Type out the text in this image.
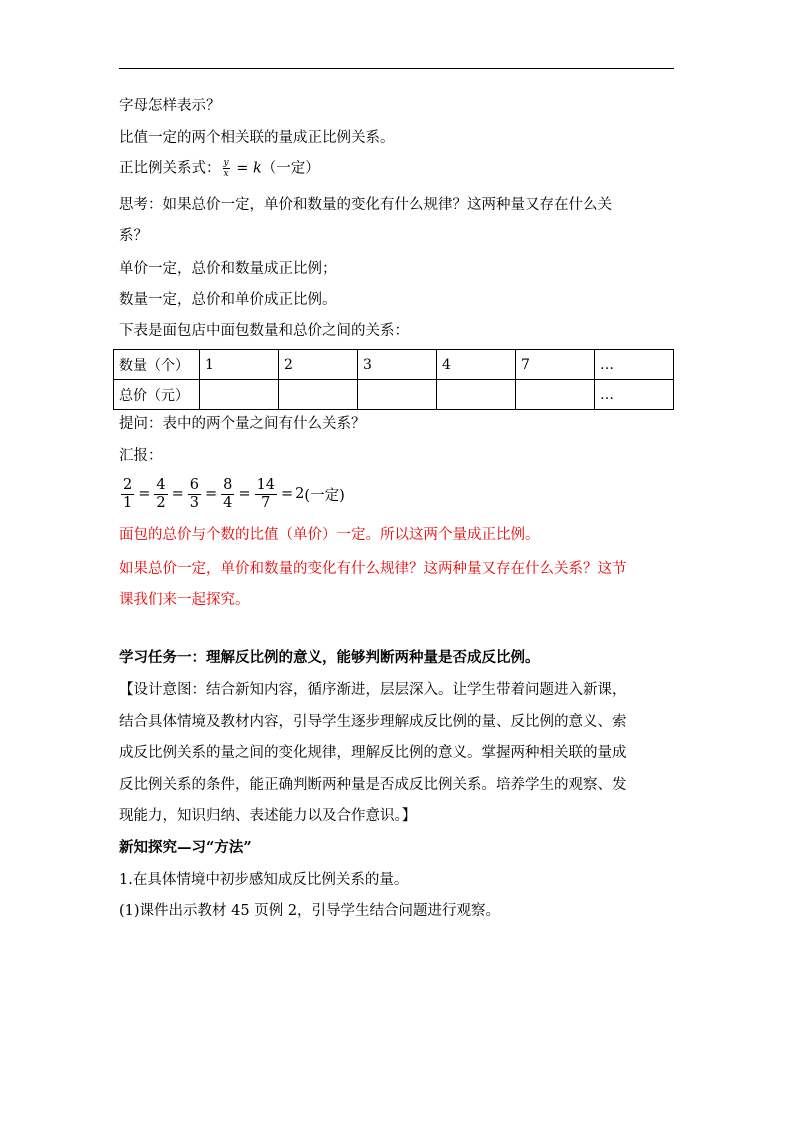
字母怎样表示？
比值一定的两个相关联的量成正比例关系。
正比例关系式： $\frac{y}{x} = k$（一定）
思考：如果总价一定，单价和数量的变化有什么规律？这两种量又存在什么关
系？
单价一定，总价和数量成正比例；
数量一定，总价和单价成正比例。
下表是面包店中面包数量和总价之间的关系：
数量（个）	1	2	3	4	7	…
总价（元）						…
提问：表中的两个量之间有什么关系？
汇报：
$\frac{2}{1} = \frac{4}{2} = \frac{6}{3} = \frac{8}{4} = \frac{14}{7} = 2$ (一定)
面包的总价与个数的比值（单价）一定。所以这两个量成正比例。
如果总价一定，单价和数量的变化有什么规律？这两种量又存在什么关系？这节
课我们来一起探究。
学习任务一：理解反比例的意义，能够判断两种量是否成反比例。
【设计意图：结合新知内容，循序渐进，层层深入。让学生带着问题进入新课，
结合具体情境及教材内容，引导学生逐步理解成反比例的量、反比例的意义、索
成反比例关系的量之间的变化规律，理解反比例的意义。掌握两种相关联的量成
反比例关系的条件，能正确判断两种量是否成反比例关系。培养学生的观察、发
现能力，知识归纳、表述能力以及合作意识。】
新知探究—习“方法”
1.在具体情境中初步感知成反比例关系的量。
(1)课件出示教材 45 页例 2，引导学生结合问题进行观察。
